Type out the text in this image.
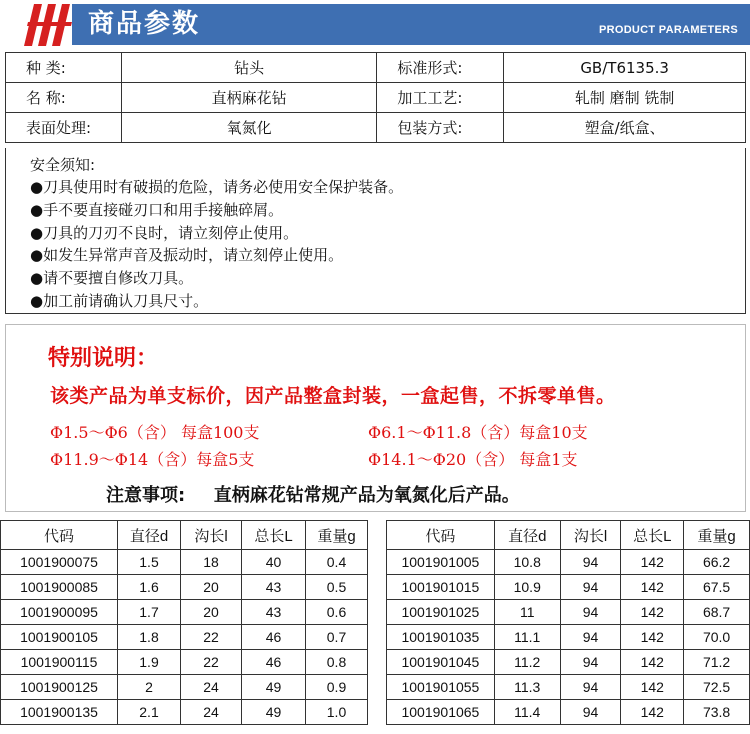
商品参数	PRODUCT PARAMETERS
种 类:	钻头	标准形式:	GB/T6135.3
名 称:	直柄麻花钻	加工工艺:	轧制 磨制 铣制
表面处理:	氧氮化	包装方式:	塑盒/纸盒、
安全须知:
●刀具使用时有破损的危险，请务必使用安全保护装备。
●手不要直接碰刃口和用手接触碎屑。
●刀具的刀刃不良时，请立刻停止使用。
●如发生异常声音及振动时，请立刻停止使用。
●请不要擅自修改刀具。
●加工前请确认刀具尺寸。
特别说明：
该类产品为单支标价，因产品整盒封装，一盒起售，不拆零单售。
Φ1.5～Φ6（含） 每盒100支	Φ6.1～Φ11.8（含）每盒10支
Φ11.9～Φ14（含）每盒5支	Φ14.1～Φ20（含） 每盒1支
注意事项: 直柄麻花钻常规产品为氧氮化后产品。
代码	直径d	沟长l	总长L	重量g
1001900075	1.5	18	40	0.4
1001900085	1.6	20	43	0.5
1001900095	1.7	20	43	0.6
1001900105	1.8	22	46	0.7
1001900115	1.9	22	46	0.8
1001900125	2	24	49	0.9
1001900135	2.1	24	49	1.0
代码	直径d	沟长l	总长L	重量g
1001901005	10.8	94	142	66.2
1001901015	10.9	94	142	67.5
1001901025	11	94	142	68.7
1001901035	11.1	94	142	70.0
1001901045	11.2	94	142	71.2
1001901055	11.3	94	142	72.5
1001901065	11.4	94	142	73.8
